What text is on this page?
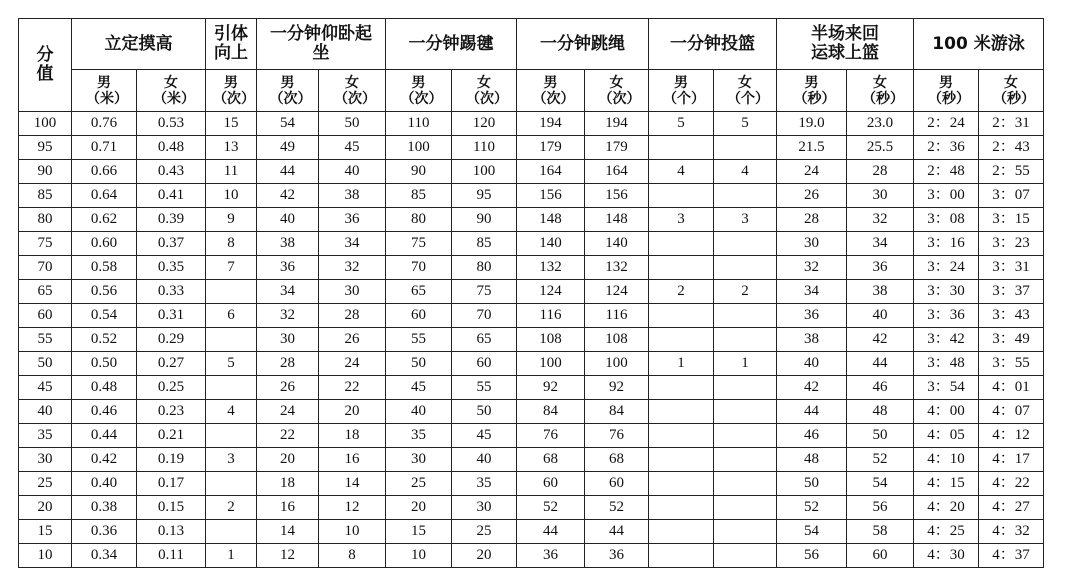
分值	立定摸高		引体向上	一分钟仰卧起坐		一分钟踢毽		一分钟跳绳		一分钟投篮		半场来回运球上篮		100 米游泳	

	男（米）	女（米）	男（次）	男（次）	女（次）	男（次）	女（次）	男（次）	女（次）	男（个）	女（个）	男（秒）	女（秒）	男（秒）	女（秒）

100	0.76	0.53	15	54	50	110	120	194	194	5	5	19.0	23.0	2：24	2：31
95	0.71	0.48	13	49	45	100	110	179	179			21.5	25.5	2：36	2：43
90	0.66	0.43	11	44	40	90	100	164	164	4	4	24	28	2：48	2：55
85	0.64	0.41	10	42	38	85	95	156	156			26	30	3：00	3：07
80	0.62	0.39	9	40	36	80	90	148	148	3	3	28	32	3：08	3：15
75	0.60	0.37	8	38	34	75	85	140	140			30	34	3：16	3：23
70	0.58	0.35	7	36	32	70	80	132	132			32	36	3：24	3：31
65	0.56	0.33		34	30	65	75	124	124	2	2	34	38	3：30	3：37
60	0.54	0.31	6	32	28	60	70	116	116			36	40	3：36	3：43
55	0.52	0.29		30	26	55	65	108	108			38	42	3：42	3：49
50	0.50	0.27	5	28	24	50	60	100	100	1	1	40	44	3：48	3：55
45	0.48	0.25		26	22	45	55	92	92			42	46	3：54	4：01
40	0.46	0.23	4	24	20	40	50	84	84			44	48	4：00	4：07
35	0.44	0.21		22	18	35	45	76	76			46	50	4：05	4：12
30	0.42	0.19	3	20	16	30	40	68	68			48	52	4：10	4：17
25	0.40	0.17		18	14	25	35	60	60			50	54	4：15	4：22
20	0.38	0.15	2	16	12	20	30	52	52			52	56	4：20	4：27
15	0.36	0.13		14	10	15	25	44	44			54	58	4：25	4：32
10	0.34	0.11	1	12	8	10	20	36	36			56	60	4：30	4：37
